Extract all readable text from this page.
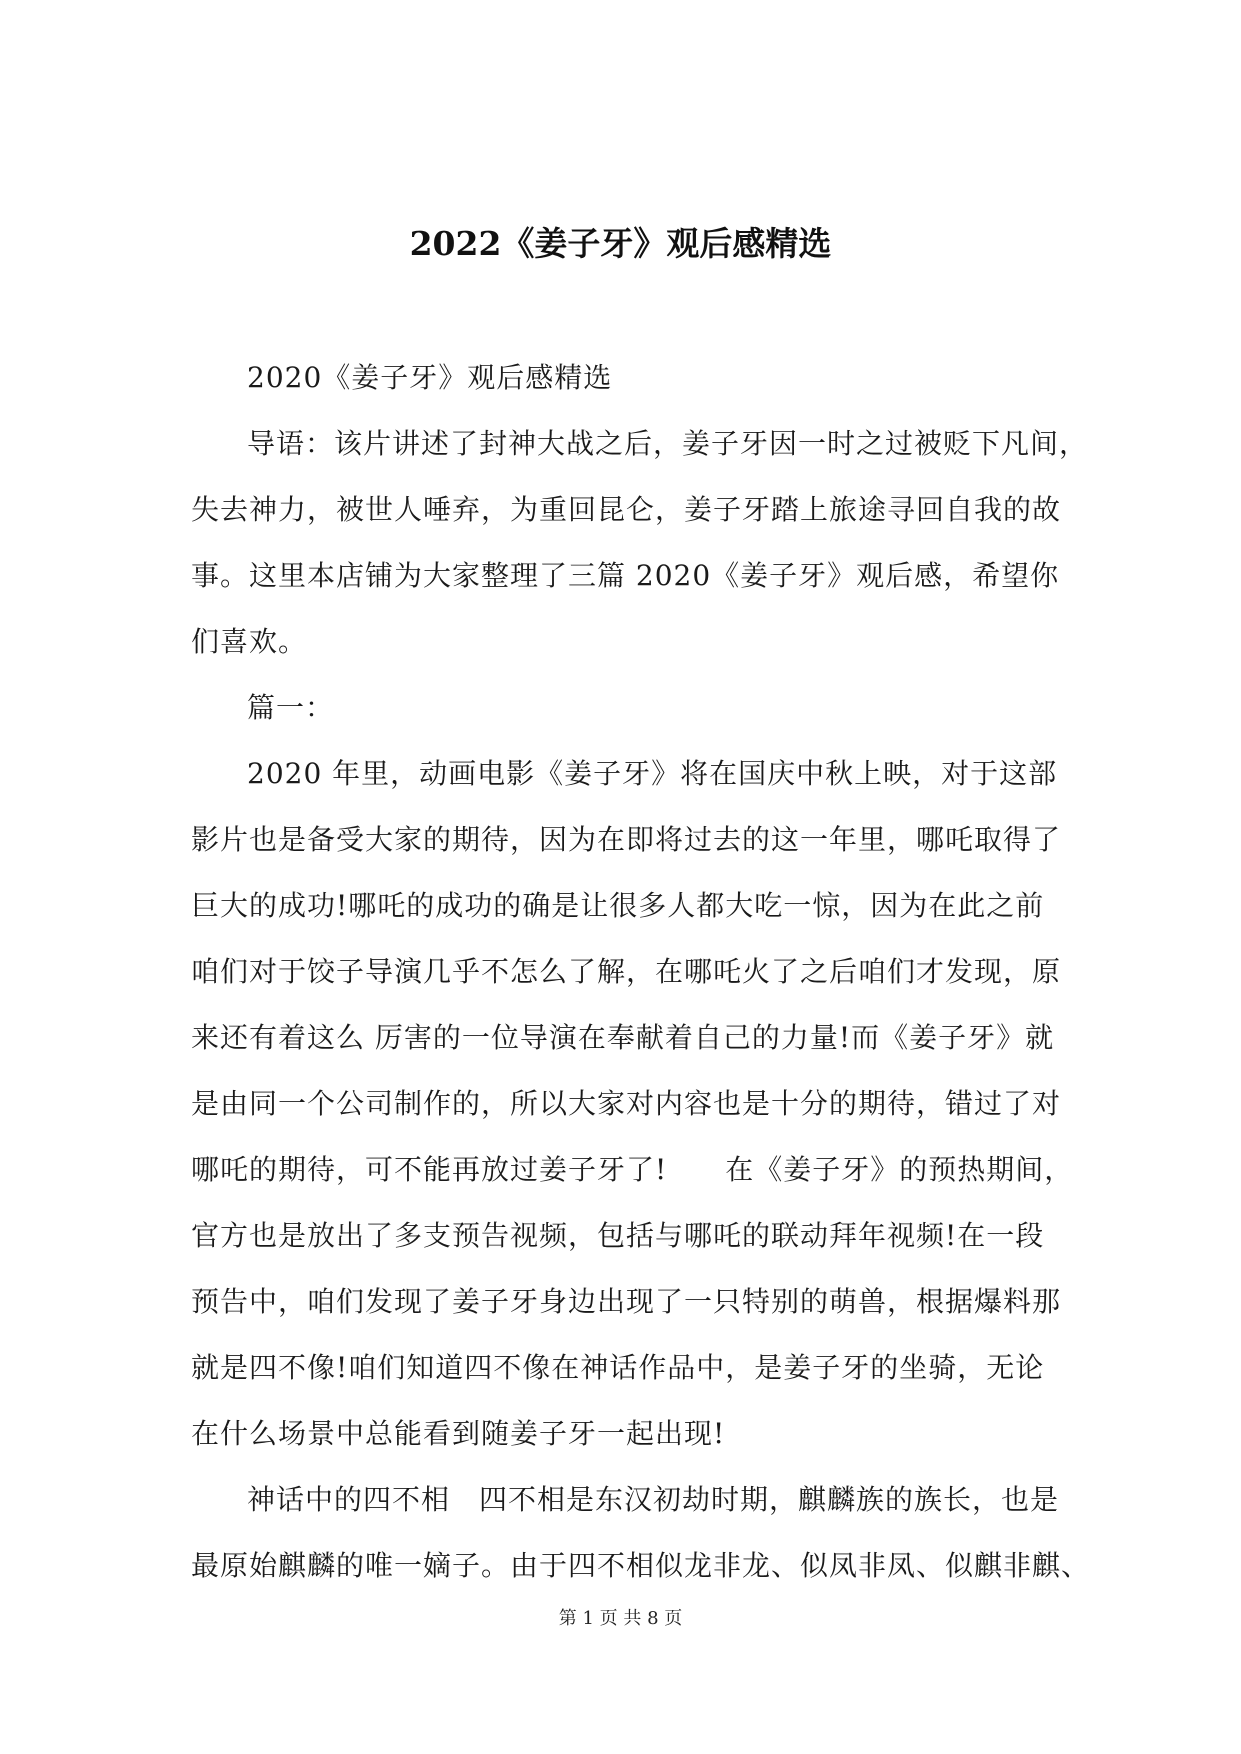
2022《姜子牙》观后感精选

2020《姜子牙》观后感精选

导语：该片讲述了封神大战之后，姜子牙因一时之过被贬下凡间，

失去神力，被世人唾弃，为重回昆仑，姜子牙踏上旅途寻回自我的故

事。这里本店铺为大家整理了三篇 2020《姜子牙》观后感，希望你

们喜欢。

篇一：

2020 年里，动画电影《姜子牙》将在国庆中秋上映，对于这部

影片也是备受大家的期待，因为在即将过去的这一年里，哪吒取得了

巨大的成功!哪吒的成功的确是让很多人都大吃一惊，因为在此之前

咱们对于饺子导演几乎不怎么了解，在哪吒火了之后咱们才发现，原

来还有着这么 厉害的一位导演在奉献着自己的力量!而《姜子牙》就

是由同一个公司制作的，所以大家对内容也是十分的期待，错过了对

哪吒的期待，可不能再放过姜子牙了!　　在《姜子牙》的预热期间，

官方也是放出了多支预告视频，包括与哪吒的联动拜年视频!在一段

预告中，咱们发现了姜子牙身边出现了一只特别的萌兽，根据爆料那

就是四不像!咱们知道四不像在神话作品中，是姜子牙的坐骑，无论

在什么场景中总能看到随姜子牙一起出现!

神话中的四不相　四不相是东汉初劫时期，麒麟族的族长，也是

最原始麒麟的唯一嫡子。由于四不相似龙非龙、似凤非凤、似麒非麒、

第 1 页 共 8 页
